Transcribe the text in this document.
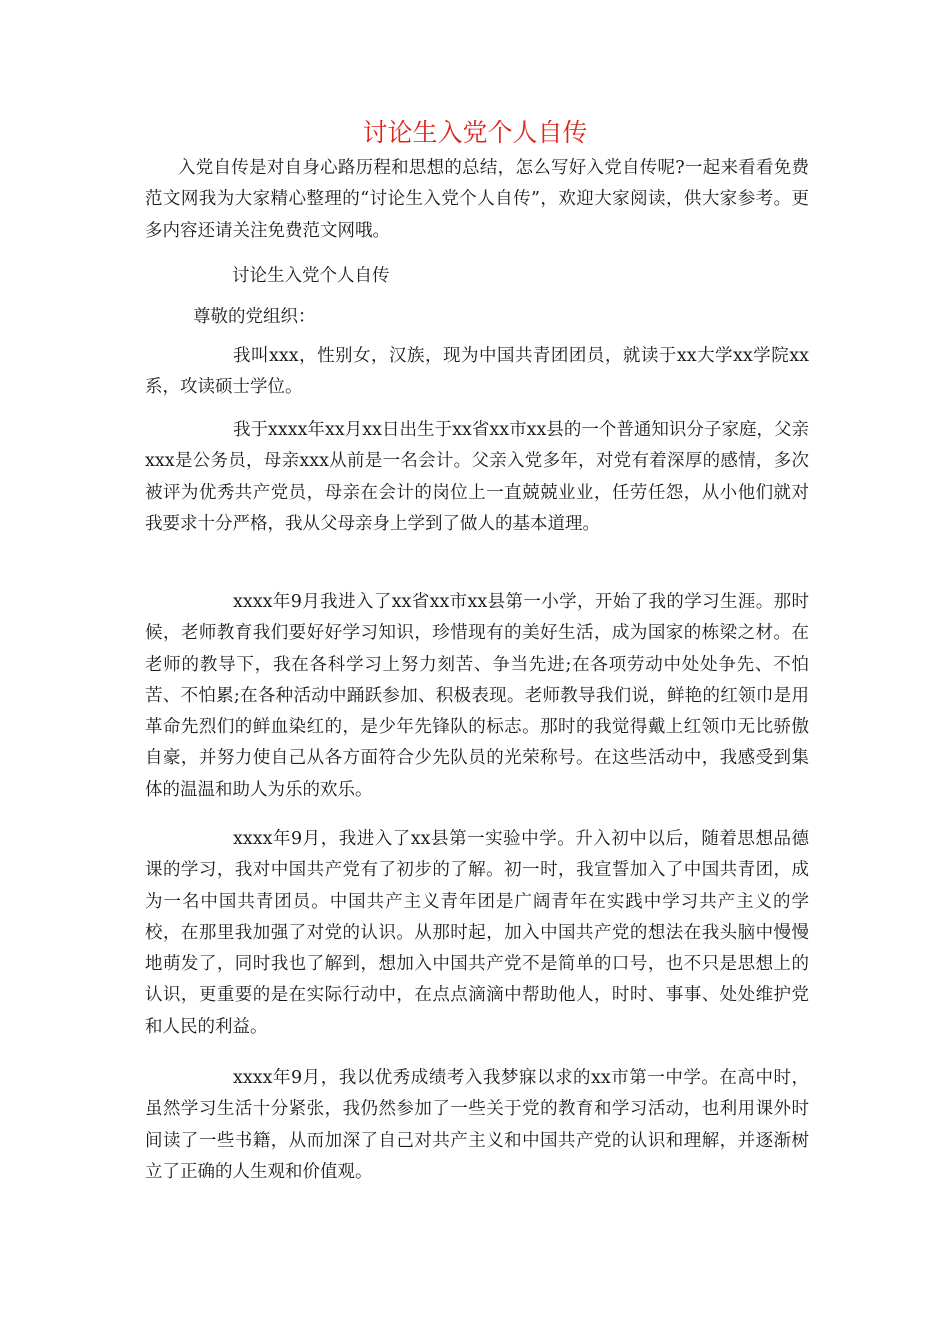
讨论生入党个人自传

入党自传是对自身心路历程和思想的总结，怎么写好入党自传呢?一起来看看免费范文网我为大家精心整理的“讨论生入党个人自传”，欢迎大家阅读，供大家参考。更多内容还请关注免费范文网哦。

讨论生入党个人自传

尊敬的党组织：

我叫xxx，性别女，汉族，现为中国共青团团员，就读于xx大学xx学院xx系，攻读硕士学位。

我于xxxx年xx月xx日出生于xx省xx市xx县的一个普通知识分子家庭，父亲xxx是公务员，母亲xxx从前是一名会计。父亲入党多年，对党有着深厚的感情，多次被评为优秀共产党员，母亲在会计的岗位上一直兢兢业业，任劳任怨，从小他们就对我要求十分严格，我从父母亲身上学到了做人的基本道理。

xxxx年9月我进入了xx省xx市xx县第一小学，开始了我的学习生涯。那时候，老师教育我们要好好学习知识，珍惜现有的美好生活，成为国家的栋梁之材。在老师的教导下，我在各科学习上努力刻苦、争当先进;在各项劳动中处处争先、不怕苦、不怕累;在各种活动中踊跃参加、积极表现。老师教导我们说，鲜艳的红领巾是用革命先烈们的鲜血染红的，是少年先锋队的标志。那时的我觉得戴上红领巾无比骄傲自豪，并努力使自己从各方面符合少先队员的光荣称号。在这些活动中，我感受到集体的温温和助人为乐的欢乐。

xxxx年9月，我进入了xx县第一实验中学。升入初中以后，随着思想品德课的学习，我对中国共产党有了初步的了解。初一时，我宣誓加入了中国共青团，成为一名中国共青团员。中国共产主义青年团是广阔青年在实践中学习共产主义的学校，在那里我加强了对党的认识。从那时起，加入中国共产党的想法在我头脑中慢慢地萌发了，同时我也了解到，想加入中国共产党不是简单的口号，也不只是思想上的认识，更重要的是在实际行动中，在点点滴滴中帮助他人，时时、事事、处处维护党和人民的利益。

xxxx年9月，我以优秀成绩考入我梦寐以求的xx市第一中学。在高中时，虽然学习生活十分紧张，我仍然参加了一些关于党的教育和学习活动，也利用课外时间读了一些书籍，从而加深了自己对共产主义和中国共产党的认识和理解，并逐渐树立了正确的人生观和价值观。
